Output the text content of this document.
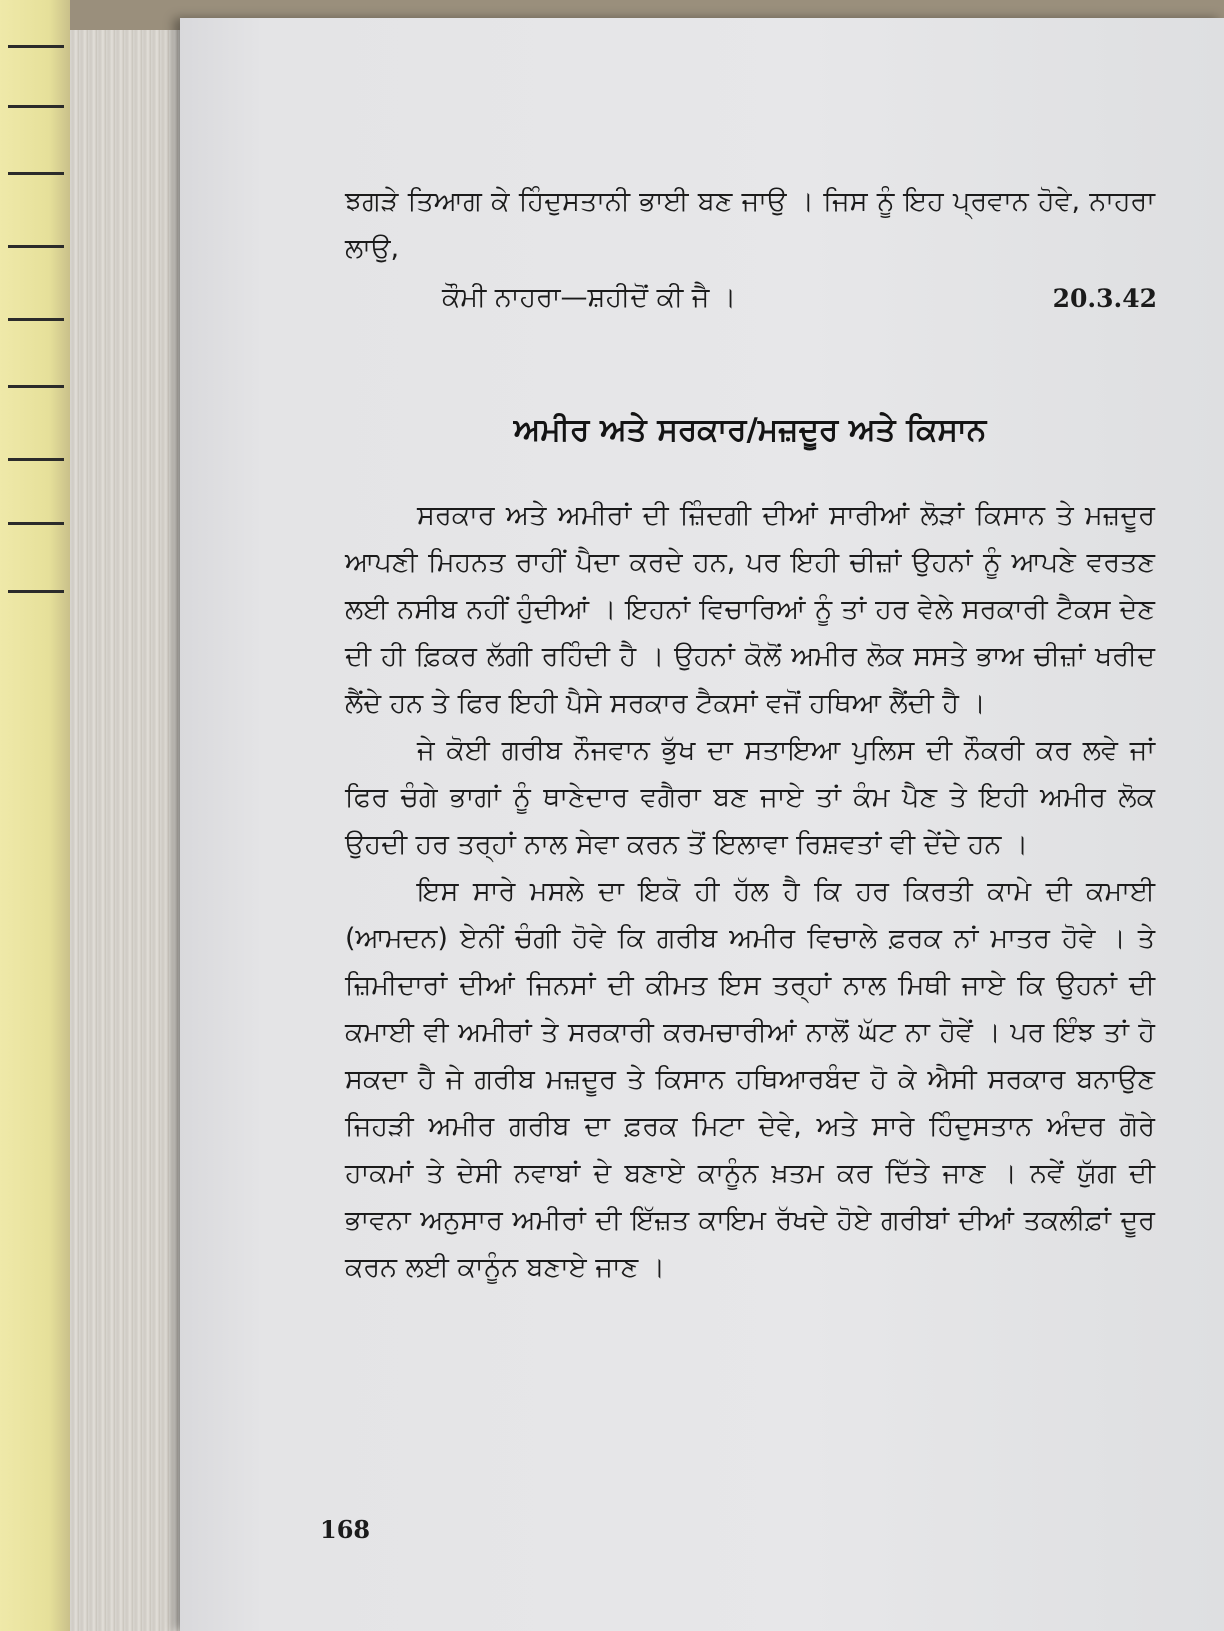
ਝਗੜੇ ਤਿਆਗ ਕੇ ਹਿੰਦੁਸਤਾਨੀ ਭਾਈ ਬਣ ਜਾਉ । ਜਿਸ ਨੂੰ ਇਹ ਪ੍ਰਵਾਨ ਹੋਵੇ, ਨਾਹਰਾ ਲਾਉ,

ਕੌਮੀ ਨਾਹਰਾ—ਸ਼ਹੀਦੋਂ ਕੀ ਜੈ ।	20.3.42
ਅਮੀਰ ਅਤੇ ਸਰਕਾਰ/ਮਜ਼ਦੂਰ ਅਤੇ ਕਿਸਾਨ

ਸਰਕਾਰ ਅਤੇ ਅਮੀਰਾਂ ਦੀ ਜ਼ਿੰਦਗੀ ਦੀਆਂ ਸਾਰੀਆਂ ਲੋੜਾਂ ਕਿਸਾਨ ਤੇ ਮਜ਼ਦੂਰ ਆਪਣੀ ਮਿਹਨਤ ਰਾਹੀਂ ਪੈਦਾ ਕਰਦੇ ਹਨ, ਪਰ ਇਹੀ ਚੀਜ਼ਾਂ ਉਹਨਾਂ ਨੂੰ ਆਪਣੇ ਵਰਤਣ ਲਈ ਨਸੀਬ ਨਹੀਂ ਹੁੰਦੀਆਂ । ਇਹਨਾਂ ਵਿਚਾਰਿਆਂ ਨੂੰ ਤਾਂ ਹਰ ਵੇਲੇ ਸਰਕਾਰੀ ਟੈਕਸ ਦੇਣ ਦੀ ਹੀ ਫ਼ਿਕਰ ਲੱਗੀ ਰਹਿੰਦੀ ਹੈ । ਉਹਨਾਂ ਕੋਲੋਂ ਅਮੀਰ ਲੋਕ ਸਸਤੇ ਭਾਅ ਚੀਜ਼ਾਂ ਖਰੀਦ ਲੈਂਦੇ ਹਨ ਤੇ ਫਿਰ ਇਹੀ ਪੈਸੇ ਸਰਕਾਰ ਟੈਕਸਾਂ ਵਜੋਂ ਹਥਿਆ ਲੈਂਦੀ ਹੈ ।

ਜੇ ਕੋਈ ਗਰੀਬ ਨੌਜਵਾਨ ਭੁੱਖ ਦਾ ਸਤਾਇਆ ਪੁਲਿਸ ਦੀ ਨੌਕਰੀ ਕਰ ਲਵੇ ਜਾਂ ਫਿਰ ਚੰਗੇ ਭਾਗਾਂ ਨੂੰ ਥਾਣੇਦਾਰ ਵਗੈਰਾ ਬਣ ਜਾਏ ਤਾਂ ਕੰਮ ਪੈਣ ਤੇ ਇਹੀ ਅਮੀਰ ਲੋਕ ਉਹਦੀ ਹਰ ਤਰ੍ਹਾਂ ਨਾਲ ਸੇਵਾ ਕਰਨ ਤੋਂ ਇਲਾਵਾ ਰਿਸ਼ਵਤਾਂ ਵੀ ਦੇਂਦੇ ਹਨ ।

ਇਸ ਸਾਰੇ ਮਸਲੇ ਦਾ ਇਕੋ ਹੀ ਹੱਲ ਹੈ ਕਿ ਹਰ ਕਿਰਤੀ ਕਾਮੇ ਦੀ ਕਮਾਈ (ਆਮਦਨ) ਏਨੀਂ ਚੰਗੀ ਹੋਵੇ ਕਿ ਗਰੀਬ ਅਮੀਰ ਵਿਚਾਲੇ ਫ਼ਰਕ ਨਾਂ ਮਾਤਰ ਹੋਵੇ । ਤੇ ਜ਼ਿਮੀਦਾਰਾਂ ਦੀਆਂ ਜਿਨਸਾਂ ਦੀ ਕੀਮਤ ਇਸ ਤਰ੍ਹਾਂ ਨਾਲ ਮਿਥੀ ਜਾਏ ਕਿ ਉਹਨਾਂ ਦੀ ਕਮਾਈ ਵੀ ਅਮੀਰਾਂ ਤੇ ਸਰਕਾਰੀ ਕਰਮਚਾਰੀਆਂ ਨਾਲੋਂ ਘੱਟ ਨਾ ਹੋਵੇਂ । ਪਰ ਇੰਝ ਤਾਂ ਹੋ ਸਕਦਾ ਹੈ ਜੇ ਗਰੀਬ ਮਜ਼ਦੂਰ ਤੇ ਕਿਸਾਨ ਹਥਿਆਰਬੰਦ ਹੋ ਕੇ ਐਸੀ ਸਰਕਾਰ ਬਨਾਉਣ ਜਿਹੜੀ ਅਮੀਰ ਗਰੀਬ ਦਾ ਫ਼ਰਕ ਮਿਟਾ ਦੇਵੇ, ਅਤੇ ਸਾਰੇ ਹਿੰਦੁਸਤਾਨ ਅੰਦਰ ਗੋਰੇ ਹਾਕਮਾਂ ਤੇ ਦੇਸੀ ਨਵਾਬਾਂ ਦੇ ਬਣਾਏ ਕਾਨੂੰਨ ਖ਼ਤਮ ਕਰ ਦਿੱਤੇ ਜਾਣ । ਨਵੇਂ ਯੁੱਗ ਦੀ ਭਾਵਨਾ ਅਨੁਸਾਰ ਅਮੀਰਾਂ ਦੀ ਇੱਜ਼ਤ ਕਾਇਮ ਰੱਖਦੇ ਹੋਏ ਗਰੀਬਾਂ ਦੀਆਂ ਤਕਲੀਫ਼ਾਂ ਦੂਰ ਕਰਨ ਲਈ ਕਾਨੂੰਨ ਬਣਾਏ ਜਾਣ ।

168
